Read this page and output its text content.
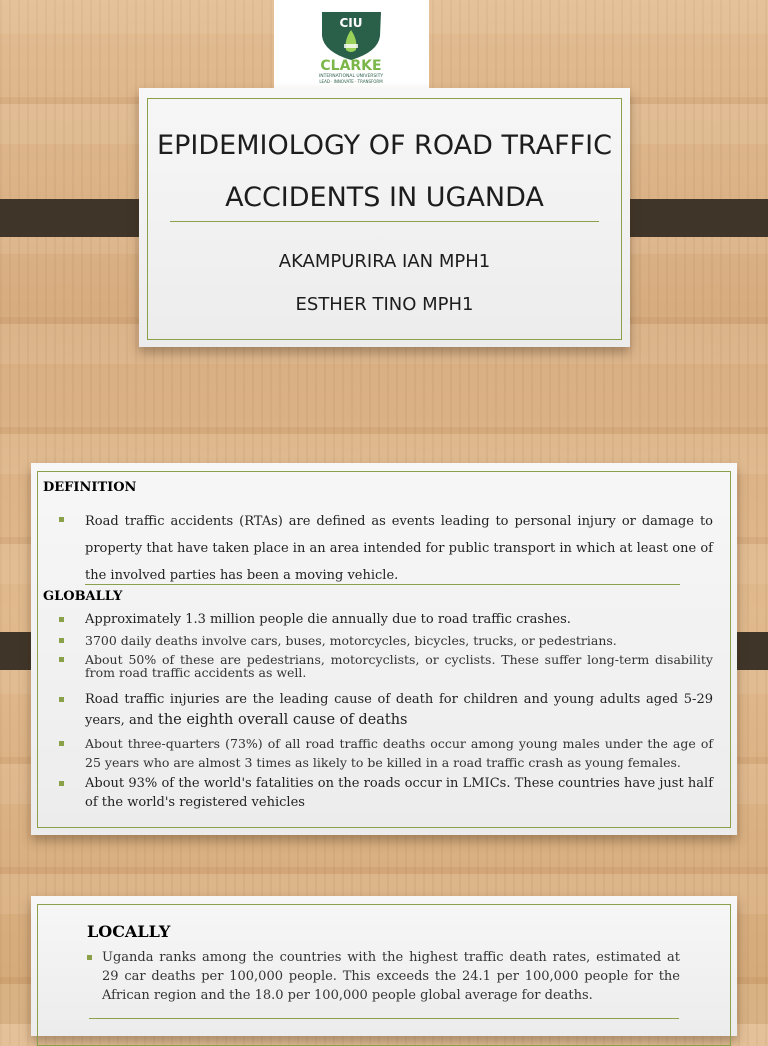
CIU
CLARKE
INTERNATIONAL UNIVERSITY
LEAD · INNOVATE · TRANSFORM
EPIDEMIOLOGY OF ROAD TRAFFIC
ACCIDENTS IN UGANDA
AKAMPURIRA IAN MPH1
ESTHER TINO MPH1
DEFINITION
Road traffic accidents (RTAs) are defined as events leading to personal injury or damage to property that have taken place in an area intended for public transport in which at least one of the involved parties has been a moving vehicle.
GLOBALLY
Approximately 1.3 million people die annually due to road traffic crashes.
3700 daily deaths involve cars, buses, motorcycles, bicycles, trucks, or pedestrians.
About 50% of these are pedestrians, motorcyclists, or cyclists. These suffer long-term disability from road traffic accidents as well.
Road traffic injuries are the leading cause of death for children and young adults aged 5-29 years, and the eighth overall cause of deaths
About three-quarters (73%) of all road traffic deaths occur among young males under the age of 25 years who are almost 3 times as likely to be killed in a road traffic crash as young females.
About 93% of the world's fatalities on the roads occur in LMICs. These countries have just half of the world's registered vehicles
LOCALLY
Uganda ranks among the countries with the highest traffic death rates, estimated at 29 car deaths per 100,000 people. This exceeds the 24.1 per 100,000 people for the African region and the 18.0 per 100,000 people global average for deaths.
